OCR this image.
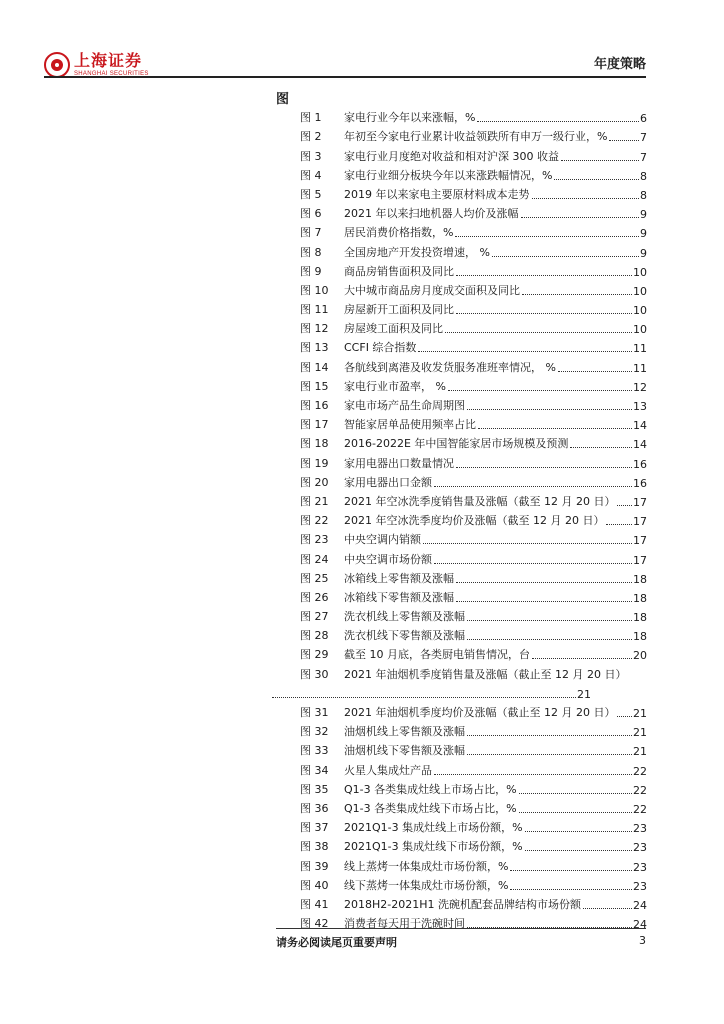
上海证券
SHANGHAI SECURITIES
年度策略
图
图 1	家电行业今年以来涨幅，%	6
图 2	年初至今家电行业累计收益领跌所有申万一级行业，%	7
图 3	家电行业月度绝对收益和相对沪深 300 收益	7
图 4	家电行业细分板块今年以来涨跌幅情况，%	8
图 5	2019 年以来家电主要原材料成本走势	8
图 6	2021 年以来扫地机器人均价及涨幅	9
图 7	居民消费价格指数，%	9
图 8	全国房地产开发投资增速， %	9
图 9	商品房销售面积及同比	10
图 10	大中城市商品房月度成交面积及同比	10
图 11	房屋新开工面积及同比	10
图 12	房屋竣工面积及同比	10
图 13	CCFI 综合指数	11
图 14	各航线到离港及收发货服务准班率情况， %	11
图 15	家电行业市盈率， %	12
图 16	家电市场产品生命周期图	13
图 17	智能家居单品使用频率占比	14
图 18	2016-2022E 年中国智能家居市场规模及预测	14
图 19	家用电器出口数量情况	16
图 20	家用电器出口金额	16
图 21	2021 年空冰洗季度销售量及涨幅（截至 12 月 20 日） 17
图 22	2021 年空冰洗季度均价及涨幅（截至 12 月 20 日）	17
图 23	中央空调内销额	17
图 24	中央空调市场份额	17
图 25	冰箱线上零售额及涨幅	18
图 26	冰箱线下零售额及涨幅	18
图 27	洗衣机线上零售额及涨幅	18
图 28	洗衣机线下零售额及涨幅	18
图 29	截至 10 月底，各类厨电销售情况，台	20
图 30	2021 年油烟机季度销售量及涨幅（截止至 12 月 20 日）
21
图 31	2021 年油烟机季度均价及涨幅（截止至 12 月 20 日） 21
图 32	油烟机线上零售额及涨幅	21
图 33	油烟机线下零售额及涨幅	21
图 34	火星人集成灶产品	22
图 35	Q1-3 各类集成灶线上市场占比，%	22
图 36	Q1-3 各类集成灶线下市场占比，%	22
图 37	2021Q1-3 集成灶线上市场份额，%	23
图 38	2021Q1-3 集成灶线下市场份额，%	23
图 39	线上蒸烤一体集成灶市场份额，%	23
图 40	线下蒸烤一体集成灶市场份额，%	23
图 41	2018H2-2021H1 洗碗机配套品牌结构市场份额	24
图 42	消费者每天用于洗碗时间	24
请务必阅读尾页重要声明	3
